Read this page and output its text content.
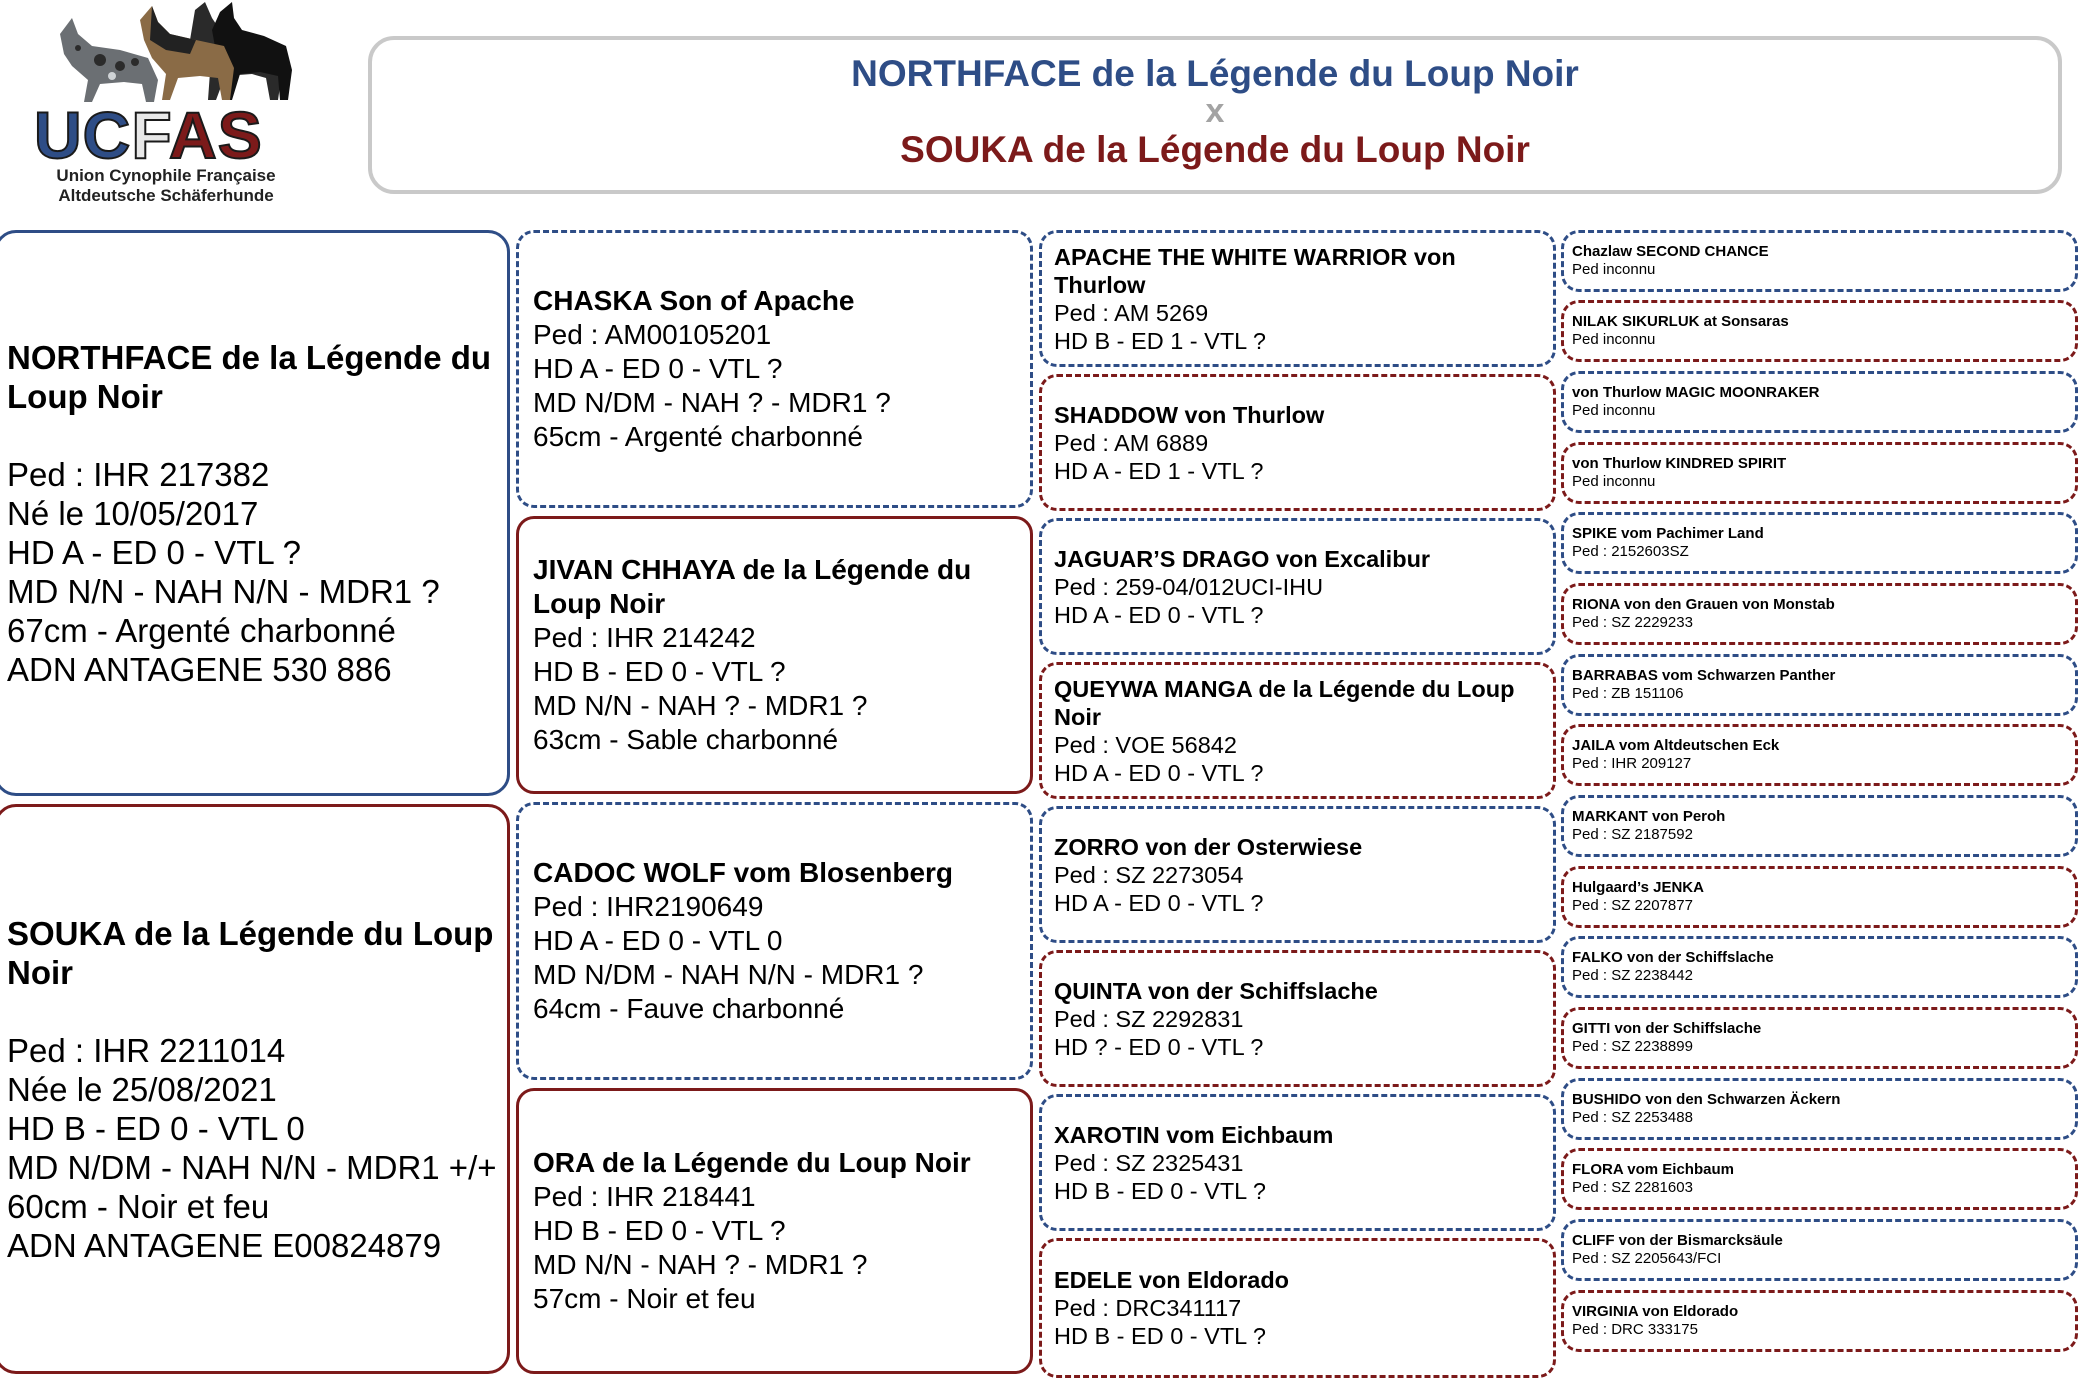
UCFAS
Union Cynophile Française
Altdeutsche Schäferhunde
NORTHFACE de la Légende du Loup Noir
x
SOUKA de la Légende du Loup Noir
NORTHFACE de la Légende du Loup Noir
Ped : IHR 217382
Né le 10/05/2017
HD A - ED 0 - VTL ?
MD N/N - NAH N/N - MDR1 ?
67cm - Argenté charbonné
ADN ANTAGENE 530 886
SOUKA de la Légende du Loup Noir
Ped : IHR 2211014
Née le 25/08/2021
HD B - ED 0 - VTL 0
MD N/DM - NAH N/N - MDR1 +/+
60cm - Noir et feu
ADN ANTAGENE E00824879
CHASKA Son of Apache
Ped : AM00105201
HD A - ED 0 - VTL ?
MD N/DM - NAH ? - MDR1 ?
65cm - Argenté charbonné
JIVAN CHHAYA de la Légende du Loup Noir
Ped : IHR 214242
HD B - ED 0 - VTL ?
MD N/N - NAH ? - MDR1 ?
63cm - Sable charbonné
CADOC WOLF vom Blosenberg
Ped : IHR2190649
HD A - ED 0 - VTL 0
MD N/DM - NAH N/N - MDR1 ?
64cm - Fauve charbonné
ORA de la Légende du Loup Noir
Ped : IHR 218441
HD B - ED 0 - VTL ?
MD N/N - NAH ? - MDR1 ?
57cm - Noir et feu
APACHE THE WHITE WARRIOR von Thurlow
Ped : AM 5269
HD B - ED 1 - VTL ?
SHADDOW von Thurlow
Ped : AM 6889
HD A - ED 1 - VTL ?
JAGUAR’S DRAGO von Excalibur
Ped : 259-04/012UCI-IHU
HD A - ED 0 - VTL ?
QUEYWA MANGA de la Légende du Loup Noir
Ped : VOE 56842
HD A - ED 0 - VTL ?
ZORRO von der Osterwiese
Ped : SZ 2273054
HD A - ED 0 - VTL ?
QUINTA von der Schiffslache
Ped : SZ 2292831
HD ? - ED 0 - VTL ?
XAROTIN vom Eichbaum
Ped : SZ 2325431
HD B - ED 0 - VTL ?
EDELE von Eldorado
Ped : DRC341117
HD B - ED 0 - VTL ?
Chazlaw SECOND CHANCE
Ped inconnu
NILAK SIKURLUK at Sonsaras
Ped inconnu
von Thurlow MAGIC MOONRAKER
Ped inconnu
von Thurlow KINDRED SPIRIT
Ped inconnu
SPIKE vom Pachimer Land
Ped : 2152603SZ
RIONA von den Grauen von Monstab
Ped : SZ 2229233
BARRABAS vom Schwarzen Panther
Ped : ZB 151106
JAILA vom Altdeutschen Eck
Ped : IHR 209127
MARKANT von Peroh
Ped : SZ 2187592
Hulgaard’s JENKA
Ped : SZ 2207877
FALKO von der Schiffslache
Ped : SZ 2238442
GITTI von der Schiffslache
Ped : SZ 2238899
BUSHIDO von den Schwarzen Äckern
Ped : SZ 2253488
FLORA vom Eichbaum
Ped : SZ 2281603
CLIFF von der Bismarcksäule
Ped : SZ 2205643/FCI
VIRGINIA von Eldorado
Ped : DRC 333175
